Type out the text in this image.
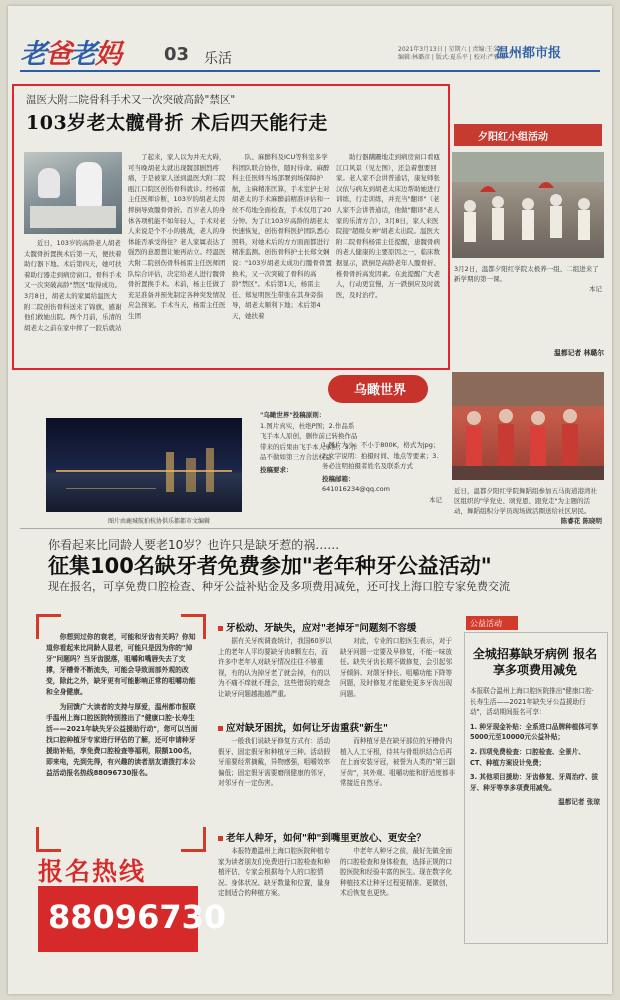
老爸老妈 03 乐活
2021年3月13日 | 星期六 | 责编:王金杰
编辑:林璐彦 | 版式:夏乐平 | 校对:严雅瑶
温州都市报
温医大附二院骨科手术又一次突破高龄"禁区"
103岁老太髋骨折 术后四天能行走

近日，103岁的高龄老人胡老太髋骨折置换术后第一天，便扶着助行器下地。术后第四天，她可扶着助行器走到病房窗口。骨科手术又一次突破高龄"禁区"取得成功。3月8日，胡老太的家属给温医大附二院创伤骨科送来了锦旗，感谢他们救她出院。两个月前，乐清的胡老太之前在家中摔了一跤后就站

了起来，家人以为并无大碍，可当晚胡老太就出现髋部剧烈疼痛，于是被家人送到温医大附二院瓯江口院区创伤骨科就诊。经杨雷主任医师诊断，103岁的胡老太因摔倒导致髋骨骨折。百岁老人的身体各项机能不如年轻人，手术对老人来说是个不小的挑战，老人的身体能否承受得住？老人家属表达了强烈的意愿想让她再站立。经温医大附二院创伤骨科杨雷主任医师团队综合评估，决定给老人进行髋骨骨折置换手术。术前，杨主任做了充足准备并预先制定各种突发情况应急预案。手术当天，杨雷主任医生团

队、麻醉科及ICU等科室多学科团队联合协作，随时待命。麻醉科主任医师当场部署到场保障护航，主麻精准匡算，手术室护士对胡老太的手术麻醉前精准评估和一丝不苟地全面检查，手术仅用了20分钟。为了让103岁高龄的胡老太快速恢复，创伤骨科医护团队悉心照料，对她术后的方方面面都进行精准监测。创伤骨科护士长郑文娴说："103岁胡老太成功行髋骨骨置换术，又一次突破了骨科的高龄"禁区"。术后第1天，杨雷主任、郑复明医生带张在其身旁指导，胡老太顺利下地；术后第4天，她扶着

助行器蹒跚地走到病房窗口看瓯江口风景（见左图），还急着想要回家。老人家不会讲普通话，康复师张汉依与病友到胡老太床边帮助她进行训练，行走训练，并充当"翻译"（老人家不会讲普通话，他做"翻译"老人家的乐清方言），3月8日，家人来医院接"超级女神"胡老太出院。温医大附二院骨科杨雷主任提醒，患髋骨病的老人健康的主要原因之一，临床数据显示，跌倒是高龄老年人髋骨折、椎骨骨折高发因素。在此提醒广大老人，行动更宜慢，万一跌倒应及时就医，及时治疗。

温都记者 林璐尔
夕阳红小组活动
3月2日，温都夕阳红学院太极养一组、二组进来了新学期的第一课。
本记
近日，温都夕阳红学院舞蹈组参加五马街道港湾社区组织的"学党史、颂党恩、跟党走"为主题的活动，舞蹈组积分学员现场做活圈送给社区居民。
陈睿花 陈晓明
乌瞰世界
图片由鹿城航拍杭协供乐都都市文编辑
"乌瞰世界"投稿原则：
1.图片真实，杜绝P图；2.作品系飞手本人原创，删作前已转换作品带来的后果由飞手本人承担；3.作品不做如第三方合法权益
投稿要求：
1.图片大小：不小于800K，格式为jpg；2.文字说明：拍摄时间、地点等要素；3.务必注明拍摄者姓名及联系方式
投稿邮箱：
641016234@qq.com
本记
你看起来比同龄人要老10岁？也许只是缺牙惹的祸……
征集100名缺牙者免费参加"老年种牙公益活动"
现在报名，可享免费口腔检查、种牙公益补贴金及多项费用减免，还可找上海口腔专家免费交流

你想到过你的衰老，可能和牙齿有关吗？你知道你看起来比同龄人显老，可能只是因为你的"掉牙"问题吗？当牙齿脱落，咀嚼和嘴唇失去了支撑，牙槽骨不断流失，可能会导致面部外观的改变，除此之外，缺牙更有可能影响正常的咀嚼功能和全身健康。

为回馈广大读者的支持与厚爱，温州都市报联手温州上海口腔医院特别推出了"健康口腔·长寿生活——2021年缺失牙公益援助行动"，您可以当面找口腔种植牙专家进行评估的了解，还可申请种牙援助补贴，享免费口腔检查等福利，限额100名，即来电，先到先得，有兴趣的读者朋友请拨打本公益活动报名热线88096730报名。

报名热线
88096730
牙松动、牙缺失，应对"老掉牙"问题刻不容缓

据有关牙疾调查统计，我国60岁以上的老年人平均要缺牙齿8颗左右，而许多中老年人对缺牙情况往往不够重视，有的认为掉牙老了就会掉，有的以为不痛不痒就不理会，这些错误的观念让缺牙问题越拖越严重。

对此，专业的口腔医生表示，对于缺牙问题一定要及早修复，不能一味放任。缺失牙齿长期不做修复，会引起邻牙倾斜、对颌牙伸长、咀嚼功能下降等问题，及时修复才能避免更多牙齿出现问题。

应对缺牙困扰，如何让牙齿重获"新生"

一般我们说缺牙修复方式有：活动假牙、固定假牙和种植牙三种。活动假牙需要经常摘戴，异物感强，咀嚼效率偏低；固定假牙需要磨削健康的邻牙，对邻牙有一定伤害。

而种植牙是在缺牙部位的牙槽骨内植入人工牙根，待其与骨组织结合后再在上面安装牙冠，被誉为人类的"第三副牙齿"，其外观、咀嚼功能和舒适度都非常接近自然牙。

老年人种牙，如何"种"到嘴里更放心、更安全？

本报特邀温州上海口腔医院种植专家为读者朋友们免费进行口腔检查和种植评估，专家会根据每个人的口腔情况、身体状况、缺牙数量和位置，量身定制适合的种植方案。

中老年人种牙之前，最好先做全面的口腔检查和身体检查，选择正规的口腔医院和经验丰富的医生。现在数字化种植技术让种牙过程更精准、更微创，术后恢复也更快。

公益活动
全城招募缺牙病例 报名享多项费用减免

本报联合温州上海口腔医院推出"健康口腔·长寿生活——2021年缺失牙公益援助行动"，活动期间报名可享：

1. 种牙现金补贴：全系进口品牌种植体可享5000元至10000元公益补贴；

2. 四项免费检查：口腔检查、全景片、CT、种植方案设计免费；

3. 其他项目援助：牙齿修复、牙周治疗、拔牙、种牙等享多项费用减免。

温都记者 张琼
